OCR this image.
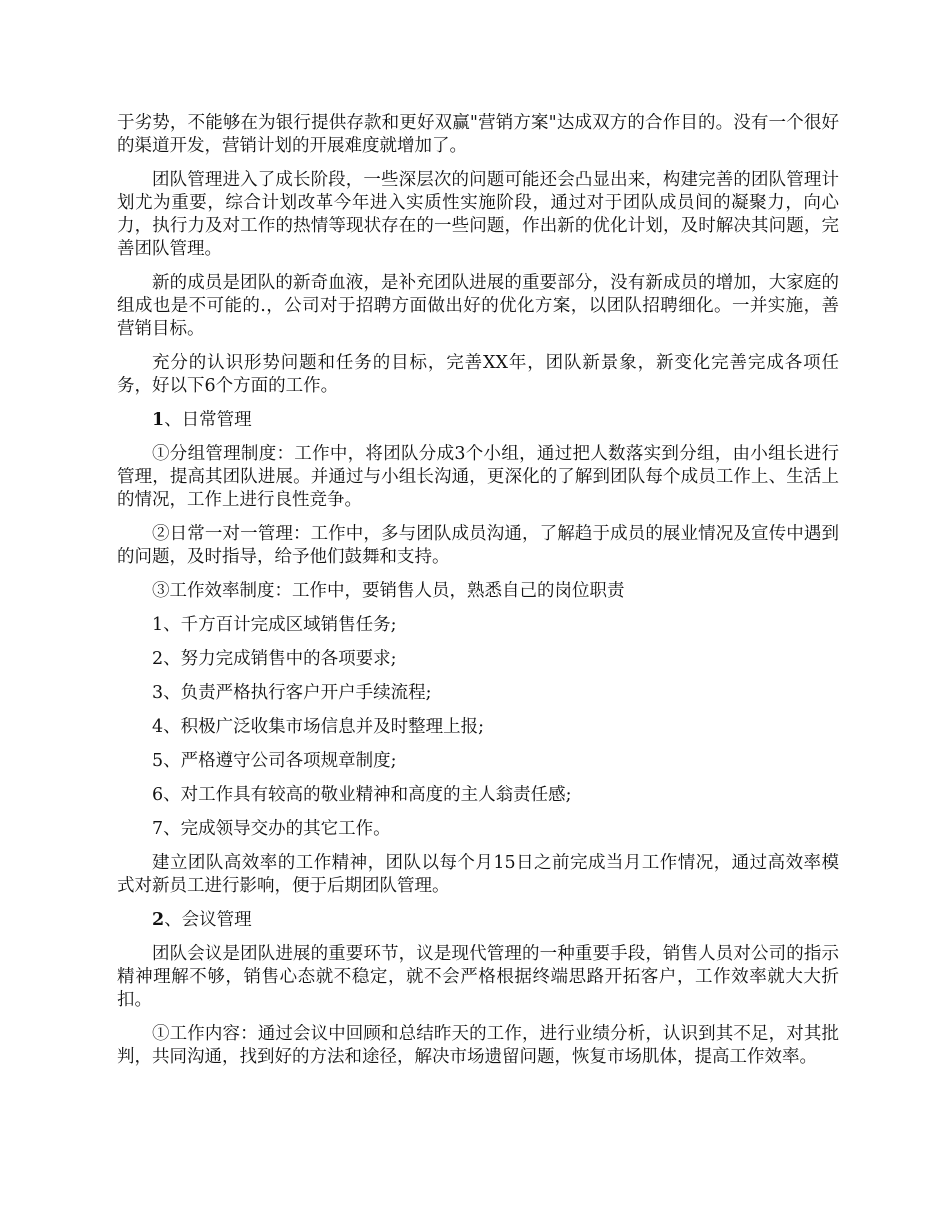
于劣势，不能够在为银行提供存款和更好双赢"营销方案"达成双方的合作目的。没有一个很好的渠道开发，营销计划的开展难度就增加了。

团队管理进入了成长阶段，一些深层次的问题可能还会凸显出来，构建完善的团队管理计划尤为重要，综合计划改革今年进入实质性实施阶段，通过对于团队成员间的凝聚力，向心力，执行力及对工作的热情等现状存在的一些问题，作出新的优化计划，及时解决其问题，完善团队管理。

新的成员是团队的新奇血液，是补充团队进展的重要部分，没有新成员的增加，大家庭的组成也是不可能的.，公司对于招聘方面做出好的优化方案，以团队招聘细化。一并实施，善营销目标。

充分的认识形势问题和任务的目标，完善XX年，团队新景象，新变化完善完成各项任务，好以下6个方面的工作。

1、日常管理

①分组管理制度：工作中，将团队分成3个小组，通过把人数落实到分组，由小组长进行管理，提高其团队进展。并通过与小组长沟通，更深化的了解到团队每个成员工作上、生活上的情况，工作上进行良性竞争。

②日常一对一管理：工作中，多与团队成员沟通，了解趋于成员的展业情况及宣传中遇到的问题，及时指导，给予他们鼓舞和支持。

③工作效率制度：工作中，要销售人员，熟悉自己的岗位职责

1、千方百计完成区域销售任务;

2、努力完成销售中的各项要求;

3、负责严格执行客户开户手续流程;

4、积极广泛收集市场信息并及时整理上报;

5、严格遵守公司各项规章制度;

6、对工作具有较高的敬业精神和高度的主人翁责任感;

7、完成领导交办的其它工作。

建立团队高效率的工作精神，团队以每个月15日之前完成当月工作情况，通过高效率模式对新员工进行影响，便于后期团队管理。

2、会议管理

团队会议是团队进展的重要环节，议是现代管理的一种重要手段，销售人员对公司的指示精神理解不够，销售心态就不稳定，就不会严格根据终端思路开拓客户，工作效率就大大折扣。

①工作内容：通过会议中回顾和总结昨天的工作，进行业绩分析，认识到其不足，对其批判，共同沟通，找到好的方法和途径，解决市场遗留问题，恢复市场肌体，提高工作效率。
